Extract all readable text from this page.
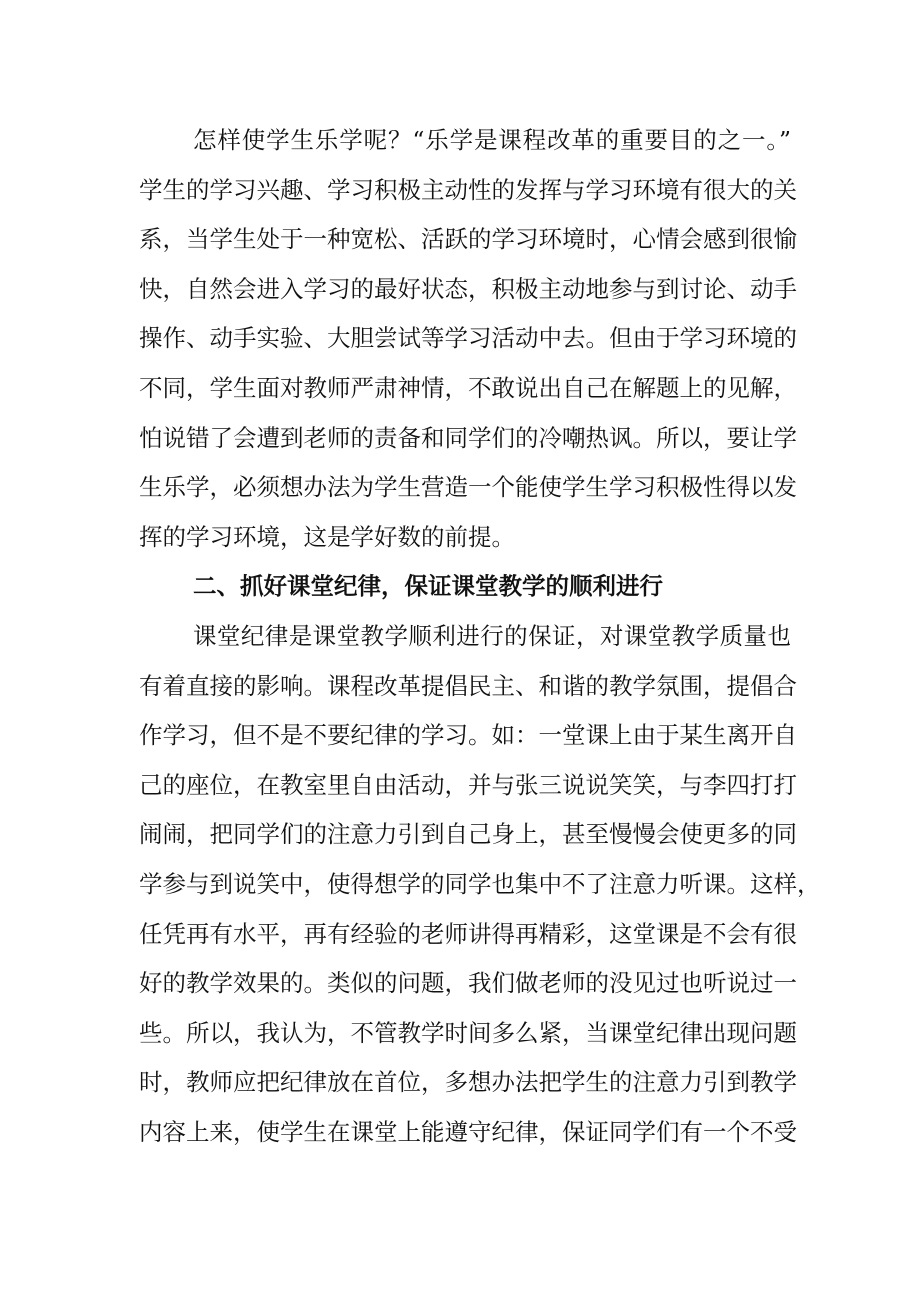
怎样使学生乐学呢？“乐学是课程改革的重要目的之一。”
学生的学习兴趣、学习积极主动性的发挥与学习环境有很大的关
系，当学生处于一种宽松、活跃的学习环境时，心情会感到很愉
快，自然会进入学习的最好状态，积极主动地参与到讨论、动手
操作、动手实验、大胆尝试等学习活动中去。但由于学习环境的
不同，学生面对教师严肃神情，不敢说出自己在解题上的见解，
怕说错了会遭到老师的责备和同学们的冷嘲热讽。所以，要让学
生乐学，必须想办法为学生营造一个能使学生学习积极性得以发
挥的学习环境，这是学好数的前提。
二、抓好课堂纪律，保证课堂教学的顺利进行
课堂纪律是课堂教学顺利进行的保证，对课堂教学质量也
有着直接的影响。课程改革提倡民主、和谐的教学氛围，提倡合
作学习，但不是不要纪律的学习。如：一堂课上由于某生离开自
己的座位，在教室里自由活动，并与张三说说笑笑，与李四打打
闹闹，把同学们的注意力引到自己身上，甚至慢慢会使更多的同
学参与到说笑中，使得想学的同学也集中不了注意力听课。这样，
任凭再有水平，再有经验的老师讲得再精彩，这堂课是不会有很
好的教学效果的。类似的问题，我们做老师的没见过也听说过一
些。所以，我认为，不管教学时间多么紧，当课堂纪律出现问题
时，教师应把纪律放在首位，多想办法把学生的注意力引到教学
内容上来，使学生在课堂上能遵守纪律，保证同学们有一个不受
